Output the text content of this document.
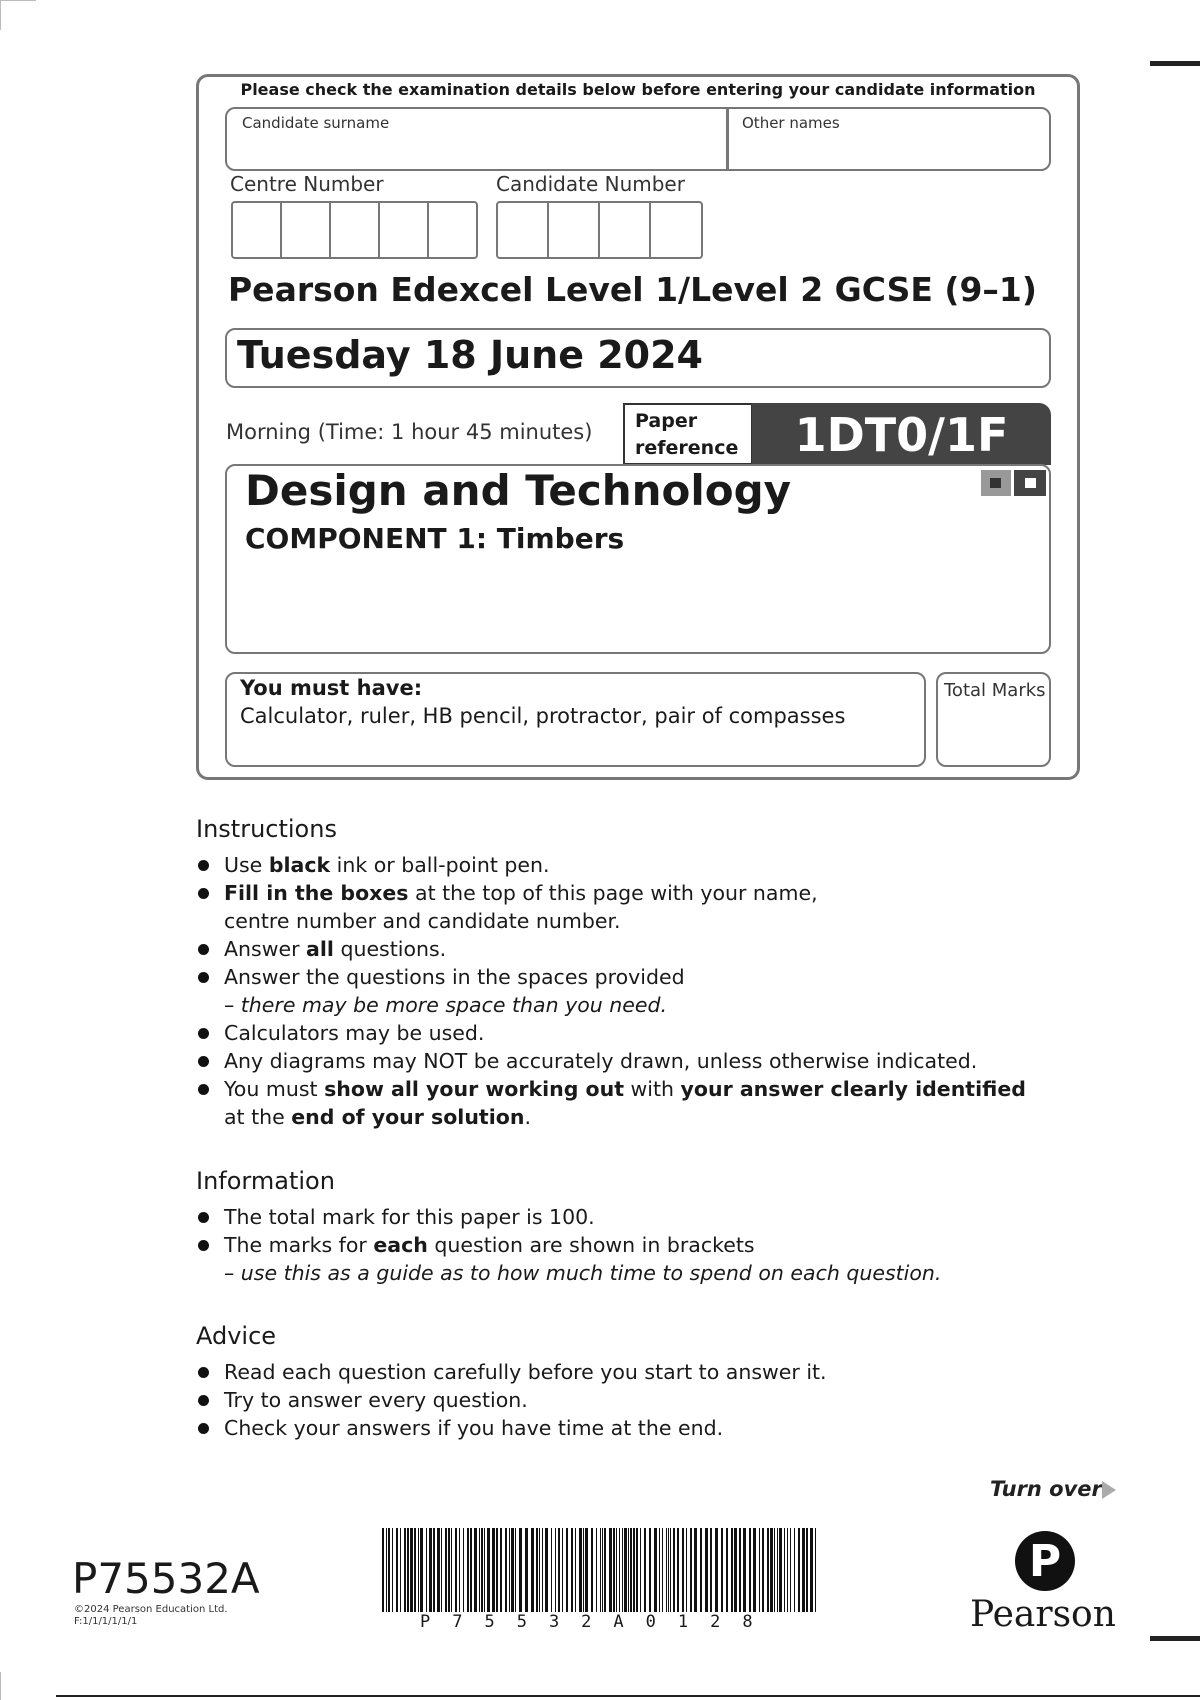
Please check the examination details below before entering your candidate information
Candidate surname	Other names
Centre Number	Candidate Number
Pearson Edexcel Level 1/Level 2 GCSE (9–1)
Tuesday 18 June 2024
Morning (Time: 1 hour 45 minutes) Paper
reference	1DT0/1F
Design and Technology
COMPONENT 1: Timbers
You must have:
Calculator, ruler, HB pencil, protractor, pair of compasses
Total Marks
Instructions
Use black ink or ball-point pen.
Fill in the boxes at the top of this page with your name,
centre number and candidate number.
Answer all questions.
Answer the questions in the spaces provided
– there may be more space than you need.
Calculators may be used.
Any diagrams may NOT be accurately drawn, unless otherwise indicated.
You must show all your working out with your answer clearly identified
at the end of your solution.
Information
The total mark for this paper is 100.
The marks for each question are shown in brackets
– use this as a guide as to how much time to spend on each question.
Advice
Read each question carefully before you start to answer it.
Try to answer every question.
Check your answers if you have time at the end.
Turn over
P75532A
©2024 Pearson Education Ltd.
F:1/1/1/1/1/1	P75532A0128
P
Pearson
